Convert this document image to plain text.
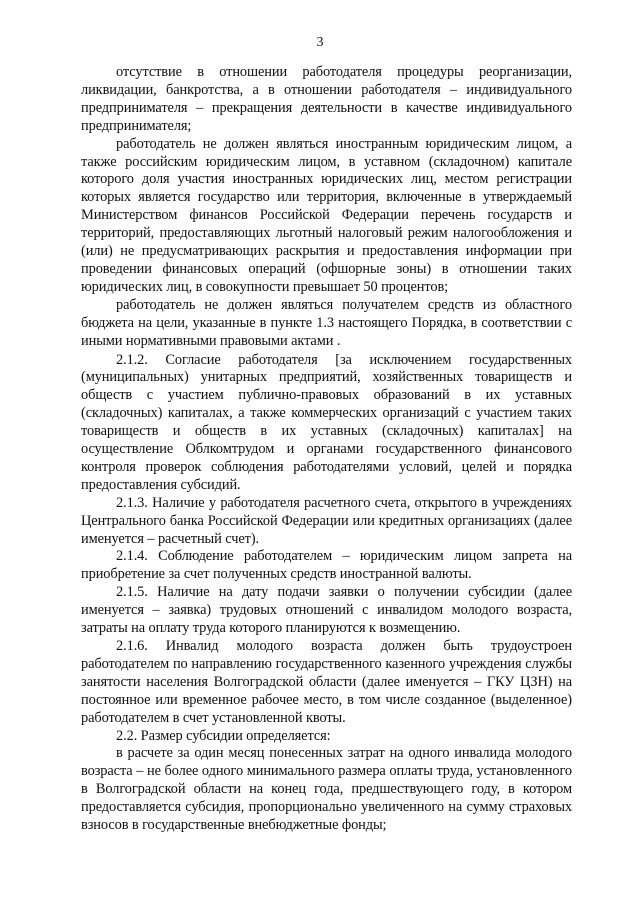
3

отсутствие в отношении работодателя процедуры реорганизации, ликвидации, банкротства, а в отношении работодателя – индивидуального предпринимателя – прекращения деятельности в качестве индивидуального предпринимателя;

работодатель не должен являться иностранным юридическим лицом, а также российским юридическим лицом, в уставном (складочном) капитале которого доля участия иностранных юридических лиц, местом регистрации которых является государство или территория, включенные в утверждаемый Министерством финансов Российской Федерации перечень государств и территорий, предоставляющих льготный налоговый режим налогообложения и (или) не предусматривающих раскрытия и предоставления информации при проведении финансовых операций (офшорные зоны) в отношении таких юридических лиц, в совокупности превышает 50 процентов;

работодатель не должен являться получателем средств из областного бюджета на цели, указанные в пункте 1.3 настоящего Порядка, в соответствии с иными нормативными правовыми актами .

2.1.2. Согласие работодателя [за исключением государственных (муниципальных) унитарных предприятий, хозяйственных товариществ и обществ с участием публично-правовых образований в их уставных (складочных) капиталах, а также коммерческих организаций с участием таких товариществ и обществ в их уставных (складочных) капиталах] на осуществление Облкомтрудом и органами государственного финансового контроля проверок соблюдения работодателями условий, целей и порядка предоставления субсидий.

2.1.3. Наличие у работодателя расчетного счета, открытого в учреждениях Центрального банка Российской Федерации или кредитных организациях (далее именуется – расчетный счет).

2.1.4. Соблюдение работодателем – юридическим лицом запрета на приобретение за счет полученных средств иностранной валюты.

2.1.5. Наличие на дату подачи заявки о получении субсидии (далее именуется – заявка) трудовых отношений с инвалидом молодого возраста, затраты на оплату труда которого планируются к возмещению.

2.1.6. Инвалид молодого возраста должен быть трудоустроен работодателем по направлению государственного казенного учреждения службы занятости населения Волгоградской области (далее именуется – ГКУ ЦЗН) на постоянное или временное рабочее место, в том числе созданное (выделенное) работодателем в счет установленной квоты.

2.2. Размер субсидии определяется:

в расчете за один месяц понесенных затрат на одного инвалида молодого возраста – не более одного минимального размера оплаты труда, установленного в Волгоградской области на конец года, предшествующего году, в котором предоставляется субсидия, пропорционально увеличенного на сумму страховых взносов в государственные внебюджетные фонды;
